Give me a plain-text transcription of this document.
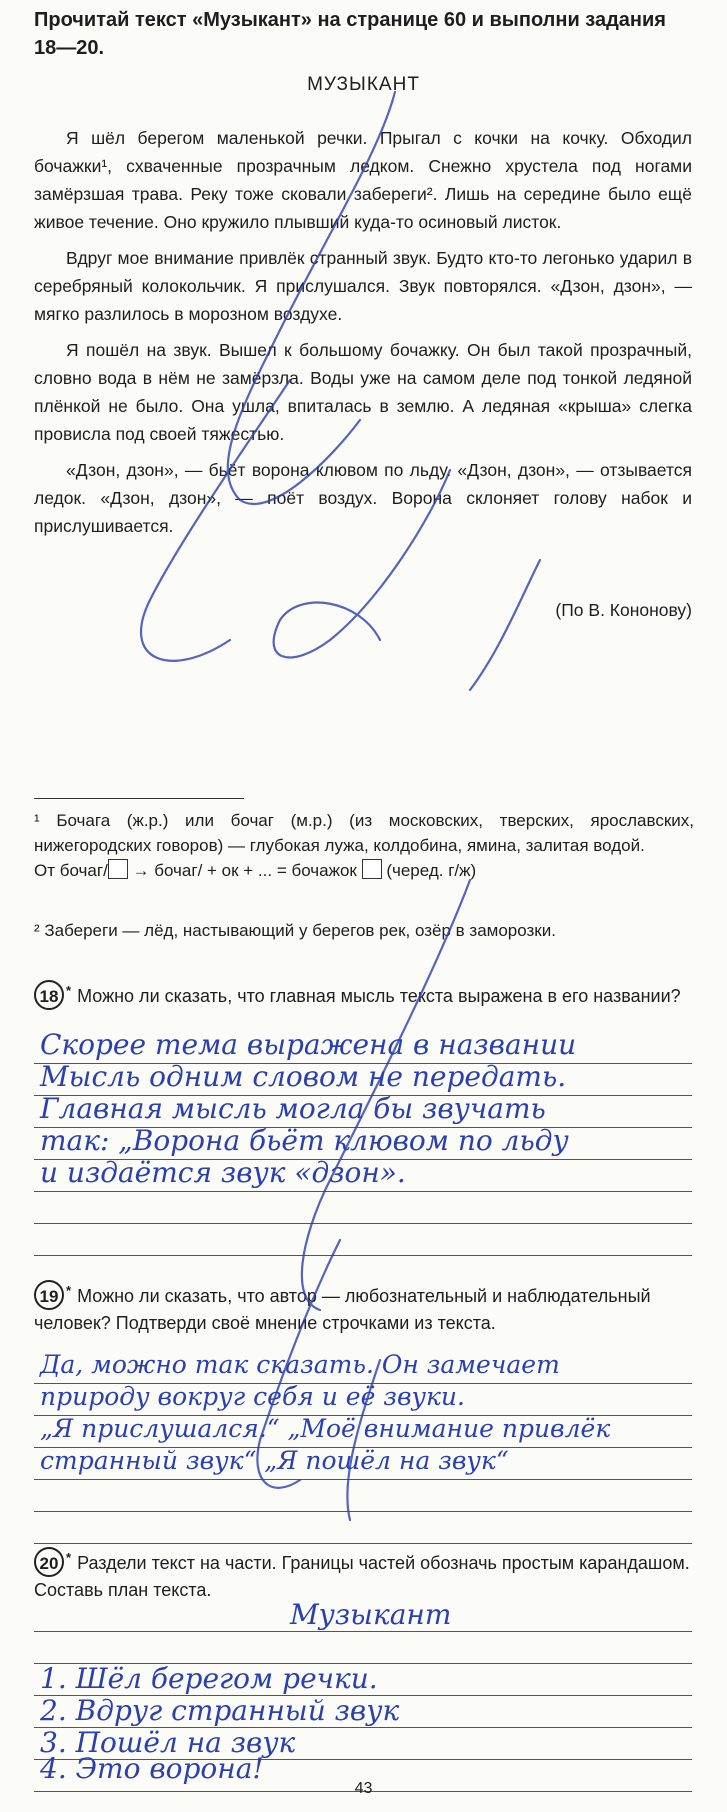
Прочитай текст «Музыкант» на странице 60 и выполни задания 18—20.
МУЗЫКАНТ

Я шёл берегом маленькой речки. Прыгал с кочки на кочку. Обходил бочажки¹, схваченные прозрачным ледком. Снежно хрустела под ногами замёрзшая трава. Реку тоже сковали забереги². Лишь на середине было ещё живое течение. Оно кружило плывший куда-то осиновый листок.

Вдруг мое внимание привлёк странный звук. Будто кто-то легонько ударил в серебряный колокольчик. Я прислушался. Звук повторялся. «Дзон, дзон», — мягко разлилось в морозном воздухе.

Я пошёл на звук. Вышел к большому бочажку. Он был такой прозрачный, словно вода в нём не замёрзла. Воды уже на самом деле под тонкой ледяной плёнкой не было. Она ушла, впиталась в землю. А ледяная «крыша» слегка провисла под своей тяжестью.

«Дзон, дзон», — бьёт ворона клювом по льду. «Дзон, дзон», — отзывается ледок. «Дзон, дзон», — поёт воздух. Ворона склоняет голову набок и прислушивается.

(По В. Кононову)
¹ Бочага (ж.р.) или бочаг (м.р.) (из московских, тверских, ярославских, нижегородских говоров) — глубокая лужа, колдобина, ямина, залитая водой.
От бочаг/ → бочаг/ + ок + ... = бочажок  (черед. г/ж)
² Забереги — лёд, настывающий у берегов рек, озёр в заморозки.
18 * Можно ли сказать, что главная мысль текста выражена в его названии?
Скорее тема выражена в названии
Мысль одним словом не передать.
Главная мысль могла бы звучать
так: „Ворона бьёт клювом по льду
и издаётся звук «дзон».
19 * Можно ли сказать, что автор — любознательный и наблюдательный человек? Подтверди своё мнение строчками из текста.
Да, можно так сказать. Он замечает
природу вокруг себя и её звуки.
„Я прислушался.“ „Моё внимание привлёк
странный звук“ „Я пошёл на звук“
20 * Раздели текст на части. Границы частей обозначь простым карандашом. Составь план текста.
Музыкант
1. Шёл берегом речки.
2. Вдруг странный звук
3. Пошёл на звук
4. Это ворона!
43
